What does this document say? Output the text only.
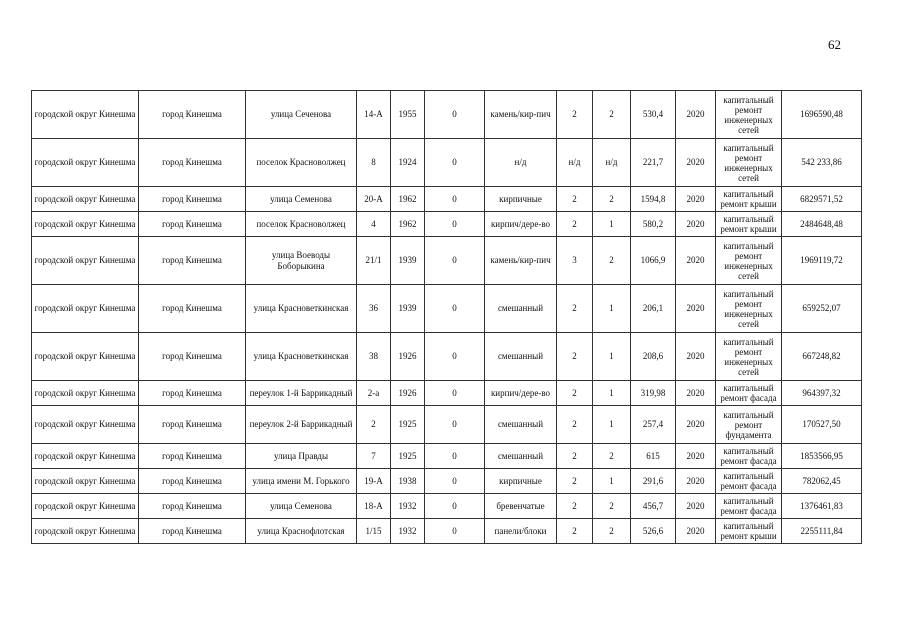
62
городской округ Кинешма	город Кинешма	улица Сеченова	14-А	1955	0	камень/кир-пич	2	2	530,4	2020	капитальный ремонт инженерных сетей	1696590,48
городской округ Кинешма	город Кинешма	поселок Красноволжец	8	1924	0	н/д	н/д	н/д	221,7	2020	капитальный ремонт инженерных сетей	542 233,86
городской округ Кинешма	город Кинешма	улица Семенова	20-А	1962	0	кирпичные	2	2	1594,8	2020	капитальный ремонт крыши	6829571,52
городской округ Кинешма	город Кинешма	поселок Красноволжец	4	1962	0	кирпич/дере-во	2	1	580,2	2020	капитальный ремонт крыши	2484648,48
городской округ Кинешма	город Кинешма	улица Воеводы Боборыкина	21/1	1939	0	камень/кир-пич	3	2	1066,9	2020	капитальный ремонт инженерных сетей	1969119,72
городской округ Кинешма	город Кинешма	улица Красноветкинская	36	1939	0	смешанный	2	1	206,1	2020	капитальный ремонт инженерных сетей	659252,07
городской округ Кинешма	город Кинешма	улица Красноветкинская	38	1926	0	смешанный	2	1	208,6	2020	капитальный ремонт инженерных сетей	667248,82
городской округ Кинешма	город Кинешма	переулок 1-й Баррикадный	2-а	1926	0	кирпич/дере-во	2	1	319,98	2020	капитальный ремонт фасада	964397,32
городской округ Кинешма	город Кинешма	переулок 2-й Баррикадный	2	1925	0	смешанный	2	1	257,4	2020	капитальный ремонт фундамента	170527,50
городской округ Кинешма	город Кинешма	улица Правды	7	1925	0	смешанный	2	2	615	2020	капитальный ремонт фасада	1853566,95
городской округ Кинешма	город Кинешма	улица имени М. Горького	19-А	1938	0	кирпичные	2	1	291,6	2020	капитальный ремонт фасада	782062,45
городской округ Кинешма	город Кинешма	улица Семенова	18-А	1932	0	бревенчатые	2	2	456,7	2020	капитальный ремонт фасада	1376461,83
городской округ Кинешма	город Кинешма	улица Краснофлотская	1/15	1932	0	панели/блоки	2	2	526,6	2020	капитальный ремонт крыши	2255111,84
